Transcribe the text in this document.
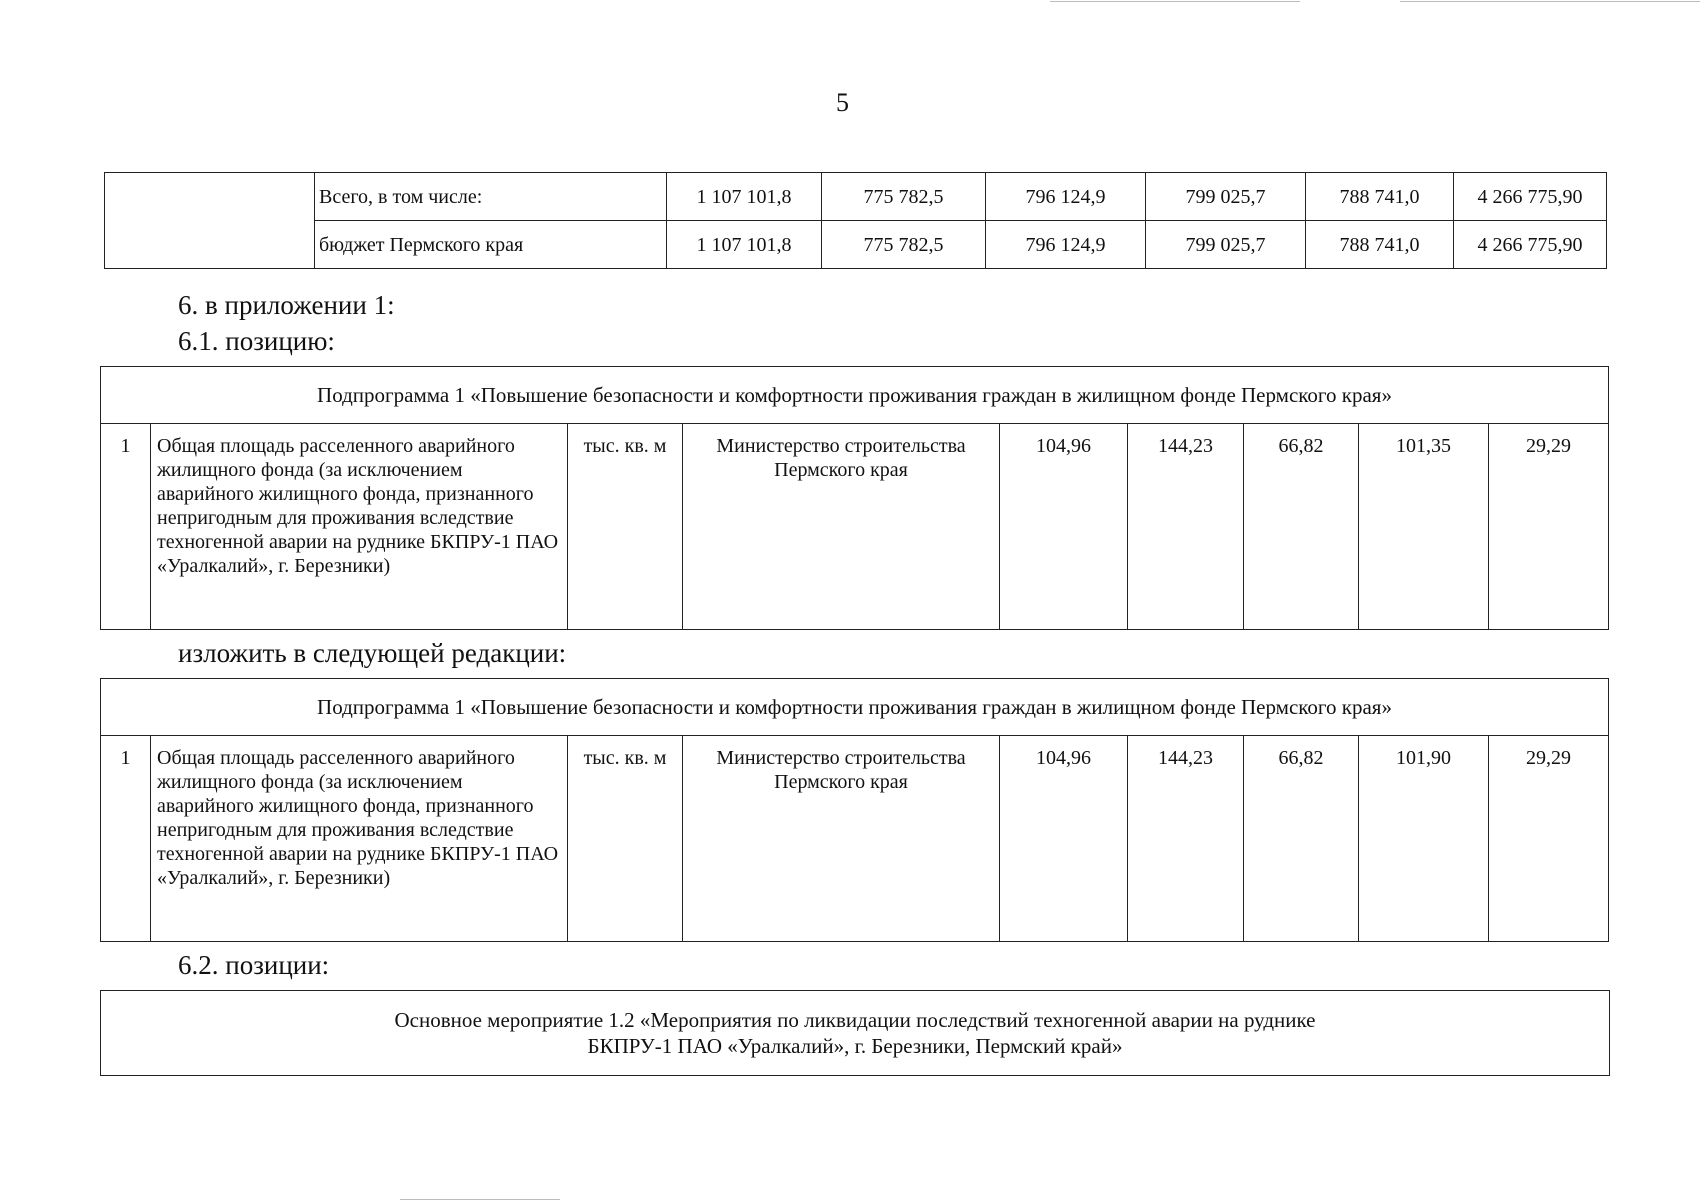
5
	Всего, в том числе:	1 107 101,8	775 782,5	796 124,9	799 025,7	788 741,0	4 266 775,90
	бюджет Пермского края	1 107 101,8	775 782,5	796 124,9	799 025,7	788 741,0	4 266 775,90
6. в приложении 1:
6.1. позицию:
Подпрограмма 1 «Повышение безопасности и комфортности проживания граждан в жилищном фонде Пермского края»
1	Общая площадь расселенного аварийного жилищного фонда (за исключением аварийного жилищного фонда, признанного непригодным для проживания вследствие техногенной аварии на руднике БКПРУ-1 ПАО «Уралкалий», г. Березники)	тыс. кв. м	Министерство строительства Пермского края	104,96	144,23	66,82	101,35	29,29
изложить в следующей редакции:
Подпрограмма 1 «Повышение безопасности и комфортности проживания граждан в жилищном фонде Пермского края»
1	Общая площадь расселенного аварийного жилищного фонда (за исключением аварийного жилищного фонда, признанного непригодным для проживания вследствие техногенной аварии на руднике БКПРУ-1 ПАО «Уралкалий», г. Березники)	тыс. кв. м	Министерство строительства Пермского края	104,96	144,23	66,82	101,90	29,29
6.2. позиции:
Основное мероприятие 1.2 «Мероприятия по ликвидации последствий техногенной аварии на руднике БКПРУ-1 ПАО «Уралкалий», г. Березники, Пермский край»
